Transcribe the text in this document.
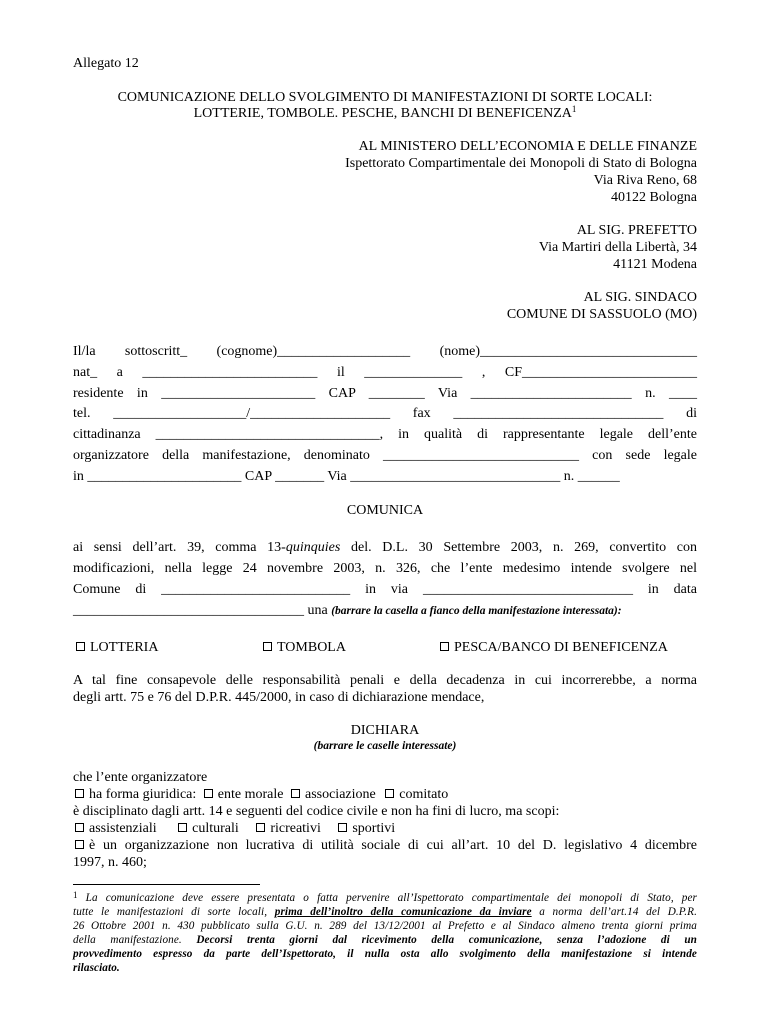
Allegato 12
COMUNICAZIONE DELLO SVOLGIMENTO DI MANIFESTAZIONI DI SORTE LOCALI:
LOTTERIE, TOMBOLE. PESCHE, BANCHI DI BENEFICENZA$^1$
AL MINISTERO DELL’ECONOMIA E DELLE FINANZE
Ispettorato Compartimentale dei Monopoli di Stato di Bologna
Via Riva Reno, 68
40122 Bologna
AL SIG. PREFETTO
Via Martiri della Libertà, 34
41121 Modena
AL SIG. SINDACO
COMUNE DI SASSUOLO (MO)
Il/la sottoscritt_ (cognome)___________________ (nome)_______________________________
nat_ a _________________________ il ______________ , CF_________________________
residente in ______________________ CAP ________ Via _______________________ n. ____
tel. ___________________/____________________ fax ______________________________ di
cittadinanza ________________________________, in qualità di rappresentante legale dell’ente
organizzatore della manifestazione, denominato ____________________________ con sede legale
in ______________________ CAP _______ Via ______________________________ n. ______
COMUNICA
ai sensi dell’art. 39, comma 13-quinquies del. D.L. 30 Settembre 2003, n. 269, convertito con
modificazioni, nella legge 24 novembre 2003, n. 326, che l’ente medesimo intende svolgere nel
Comune di ___________________________ in via ______________________________ in data
_________________________________ una (barrare la casella a fianco della manifestazione interessata):
LOTTERIA	TOMBOLA	PESCA/BANCO DI BENEFICENZA
A tal fine consapevole delle responsabilità penali e della decadenza in cui incorrerebbe, a norma
degli artt. 75 e 76 del D.P.R. 445/2000, in caso di dichiarazione mendace,
DICHIARA
(barrare le caselle interessate)
che l’ente organizzatore
ha forma giuridica: ente morale associazione comitato
è disciplinato dagli artt. 14 e seguenti del codice civile e non ha fini di lucro, ma scopi:
assistenziali	culturali ricreativi sportivi
è un organizzazione non lucrativa di utilità sociale di cui all’art. 10 del D. legislativo 4 dicembre
1997, n. 460;
$^1$ La comunicazione deve essere presentata o fatta pervenire all’Ispettorato compartimentale dei monopoli di Stato, per
tutte le manifestazioni di sorte locali, prima dell’inoltro della comunicazione da inviare a norma dell’art.14 del D.P.R.
26 Ottobre 2001 n. 430 pubblicato sulla G.U. n. 289 del 13/12/2001 al Prefetto e al Sindaco almeno trenta giorni prima
della manifestazione. Decorsi trenta giorni dal ricevimento della comunicazione, senza l’adozione di un
provvedimento espresso da parte dell’Ispettorato, il nulla osta allo svolgimento della manifestazione si intende
rilasciato.
